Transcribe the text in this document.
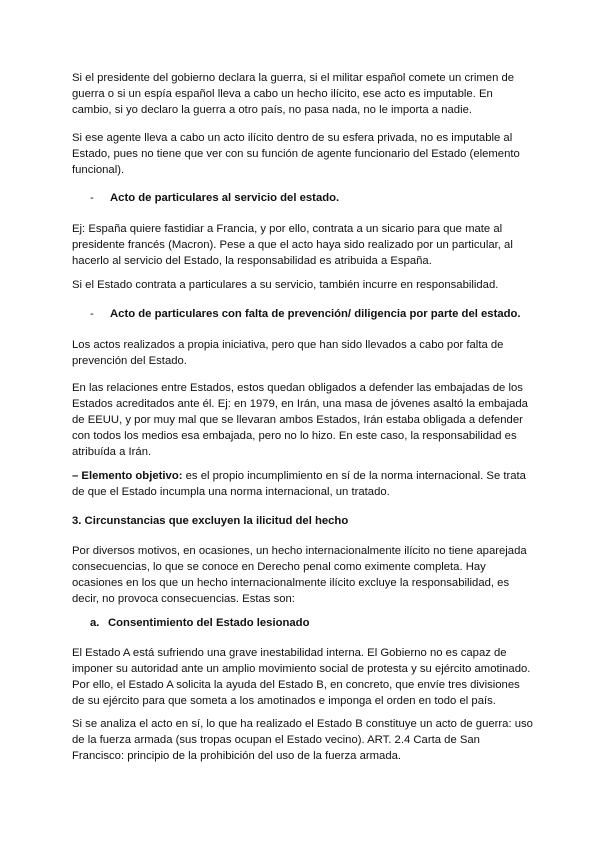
Si el presidente del gobierno declara la guerra, si el militar español comete un crimen de guerra o si un espía español lleva a cabo un hecho ilícito, ese acto es imputable. En cambio, si yo declaro la guerra a otro país, no pasa nada, no le importa a nadie.

Si ese agente lleva a cabo un acto ilícito dentro de su esfera privada, no es imputable al Estado, pues no tiene que ver con su función de agente funcionario del Estado (elemento funcional).

- Acto de particulares al servicio del estado.

Ej: España quiere fastidiar a Francia, y por ello, contrata a un sicario para que mate al presidente francés (Macron). Pese a que el acto haya sido realizado por un particular, al hacerlo al servicio del Estado, la responsabilidad es atribuida a España.

Si el Estado contrata a particulares a su servicio, también incurre en responsabilidad.

- Acto de particulares con falta de prevención/ diligencia por parte del estado.

Los actos realizados a propia iniciativa, pero que han sido llevados a cabo por falta de prevención del Estado.

En las relaciones entre Estados, estos quedan obligados a defender las embajadas de los Estados acreditados ante él. Ej: en 1979, en Irán, una masa de jóvenes asaltó la embajada de EEUU, y por muy mal que se llevaran ambos Estados, Irán estaba obligada a defender con todos los medios esa embajada, pero no lo hizo. En este caso, la responsabilidad es atribuída a Irán.

– Elemento objetivo: es el propio incumplimiento en sí de la norma internacional. Se trata de que el Estado incumpla una norma internacional, un tratado.

3. Circunstancias que excluyen la ilicitud del hecho

Por diversos motivos, en ocasiones, un hecho internacionalmente ilícito no tiene aparejada consecuencias, lo que se conoce en Derecho penal como eximente completa. Hay ocasiones en los que un hecho internacionalmente ilícito excluye la responsabilidad, es decir, no provoca consecuencias. Estas son:

a. Consentimiento del Estado lesionado

El Estado A está sufriendo una grave inestabilidad interna. El Gobierno no es capaz de imponer su autoridad ante un amplio movimiento social de protesta y su ejército amotinado. Por ello, el Estado A solicita la ayuda del Estado B, en concreto, que envíe tres divisiones de su ejército para que someta a los amotinados e imponga el orden en todo el país.

Si se analiza el acto en sí, lo que ha realizado el Estado B constituye un acto de guerra: uso de la fuerza armada (sus tropas ocupan el Estado vecino). ART. 2.4 Carta de San Francisco: principio de la prohibición del uso de la fuerza armada.
